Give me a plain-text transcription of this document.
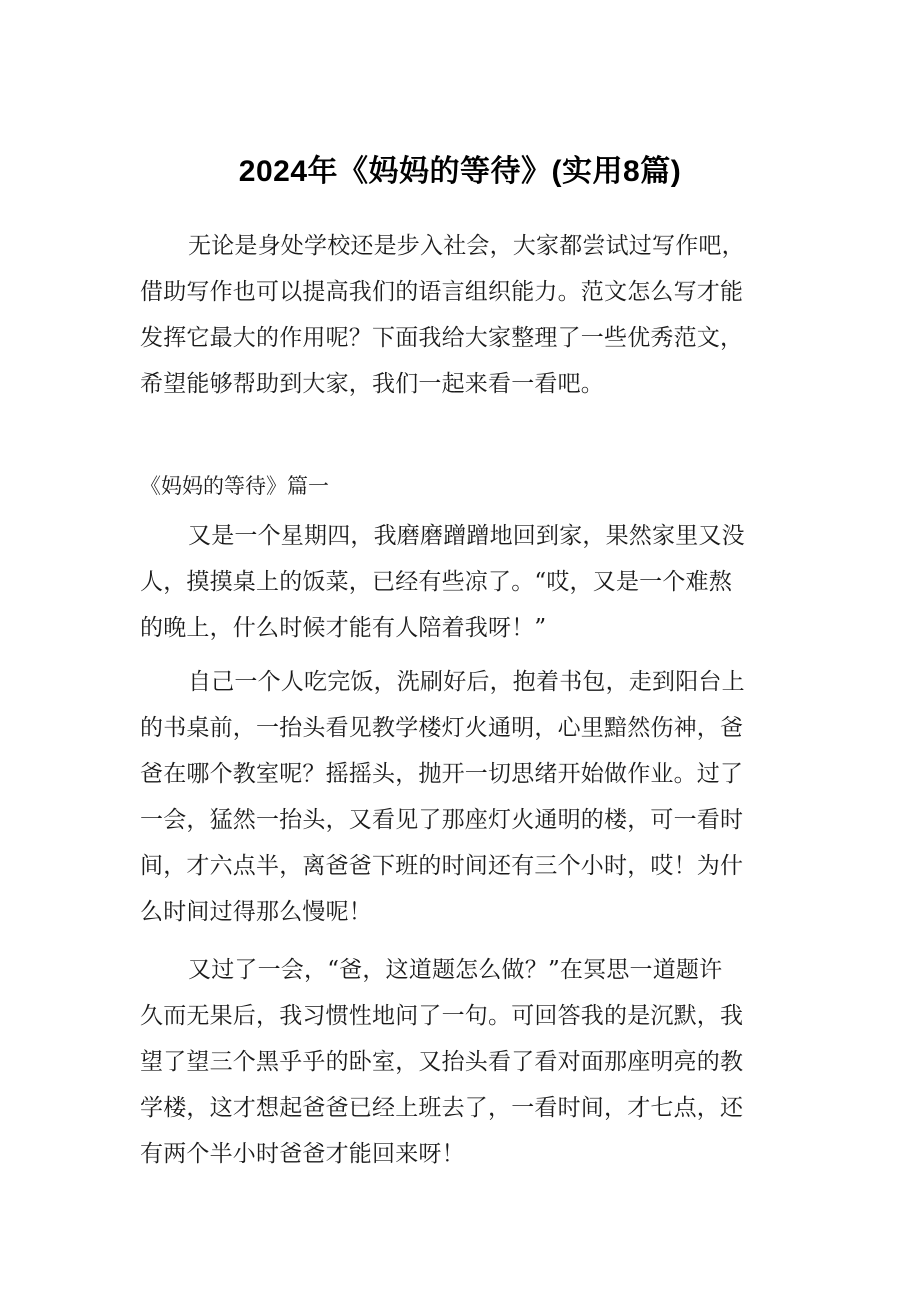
2024年《妈妈的等待》(实用8篇)
无论是身处学校还是步入社会，大家都尝试过写作吧，
借助写作也可以提高我们的语言组织能力。范文怎么写才能
发挥它最大的作用呢？下面我给大家整理了一些优秀范文，
希望能够帮助到大家，我们一起来看一看吧。
《妈妈的等待》篇一
又是一个星期四，我磨磨蹭蹭地回到家，果然家里又没
人，摸摸桌上的饭菜，已经有些凉了。“哎，又是一个难熬
的晚上，什么时候才能有人陪着我呀！”
自己一个人吃完饭，洗刷好后，抱着书包，走到阳台上
的书桌前，一抬头看见教学楼灯火通明，心里黯然伤神，爸
爸在哪个教室呢？摇摇头，抛开一切思绪开始做作业。过了
一会，猛然一抬头，又看见了那座灯火通明的楼，可一看时
间，才六点半，离爸爸下班的时间还有三个小时，哎！为什
么时间过得那么慢呢！
又过了一会，“爸，这道题怎么做？”在冥思一道题许
久而无果后，我习惯性地问了一句。可回答我的是沉默，我
望了望三个黑乎乎的卧室，又抬头看了看对面那座明亮的教
学楼，这才想起爸爸已经上班去了，一看时间，才七点，还
有两个半小时爸爸才能回来呀！
